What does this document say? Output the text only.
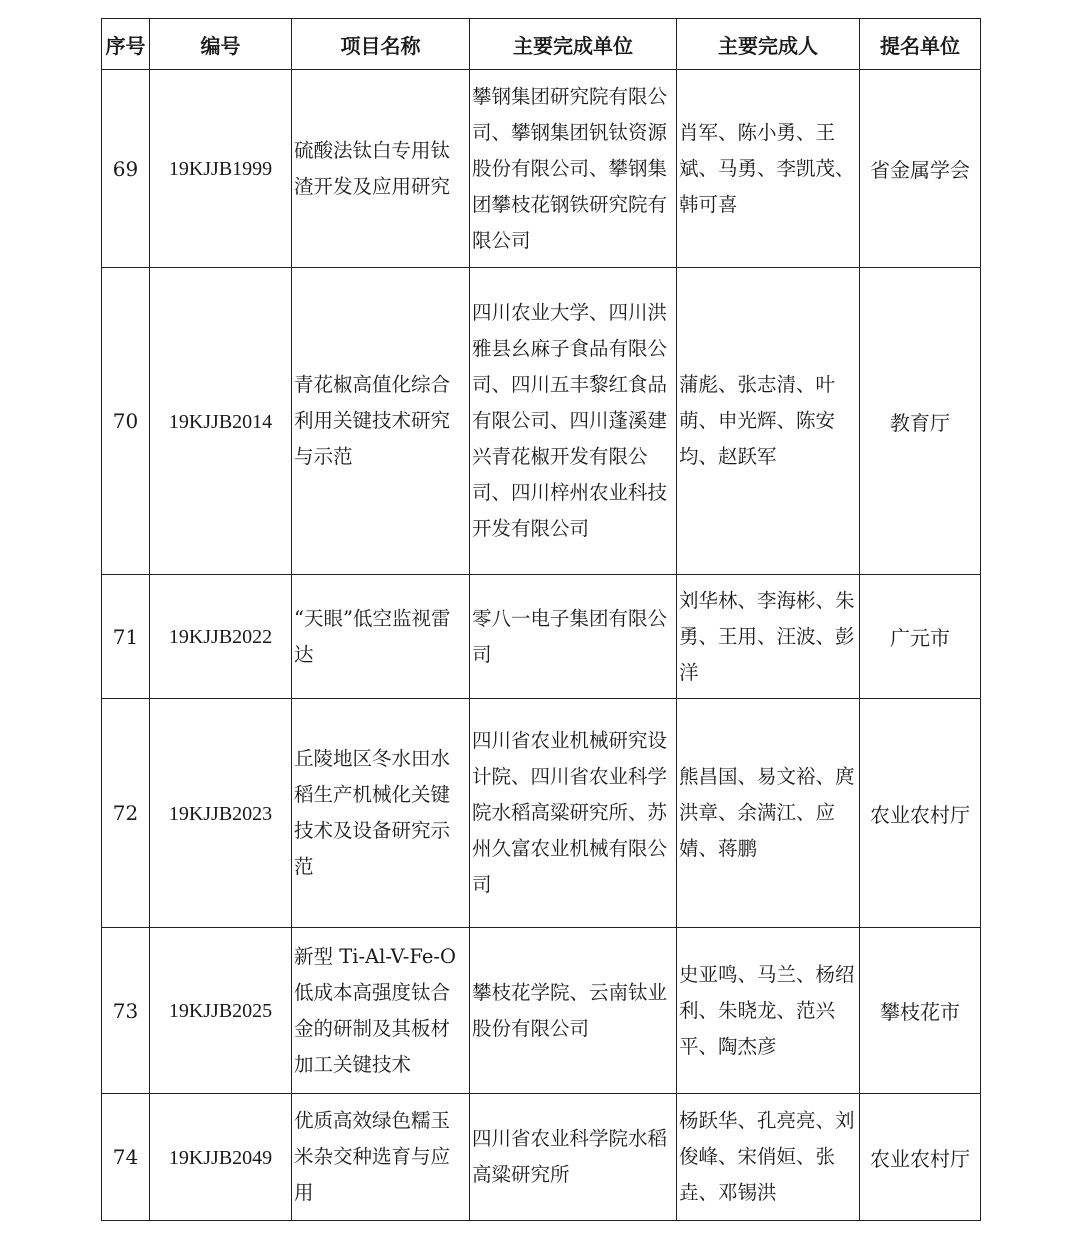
序号	编号	项目名称	主要完成单位	主要完成人	提名单位
69	19KJJB1999	硫酸法钛白专用钛渣开发及应用研究	攀钢集团研究院有限公司、攀钢集团钒钛资源股份有限公司、攀钢集团攀枝花钢铁研究院有限公司	肖军、陈小勇、王斌、马勇、李凯茂、韩可喜	省金属学会
70	19KJJB2014	青花椒高值化综合利用关键技术研究与示范	四川农业大学、四川洪雅县幺麻子食品有限公司、四川五丰黎红食品有限公司、四川蓬溪建兴青花椒开发有限公司、四川梓州农业科技开发有限公司	蒲彪、张志清、叶萌、申光辉、陈安均、赵跃军	教育厅
71	19KJJB2022	“天眼”低空监视雷达	零八一电子集团有限公司	刘华林、李海彬、朱勇、王用、汪波、彭洋	广元市
72	19KJJB2023	丘陵地区冬水田水稻生产机械化关键技术及设备研究示范	四川省农业机械研究设计院、四川省农业科学院水稻高粱研究所、苏州久富农业机械有限公司	熊昌国、易文裕、庹洪章、余满江、应婧、蒋鹏	农业农村厅
73	19KJJB2025	新型 Ti-Al-V-Fe-O 低成本高强度钛合金的研制及其板材加工关键技术	攀枝花学院、云南钛业股份有限公司	史亚鸣、马兰、杨绍利、朱晓龙、范兴平、陶杰彦	攀枝花市
74	19KJJB2049	优质高效绿色糯玉米杂交种选育与应用	四川省农业科学院水稻高粱研究所	杨跃华、孔亮亮、刘俊峰、宋俏姮、张垚、邓锡洪	农业农村厅
